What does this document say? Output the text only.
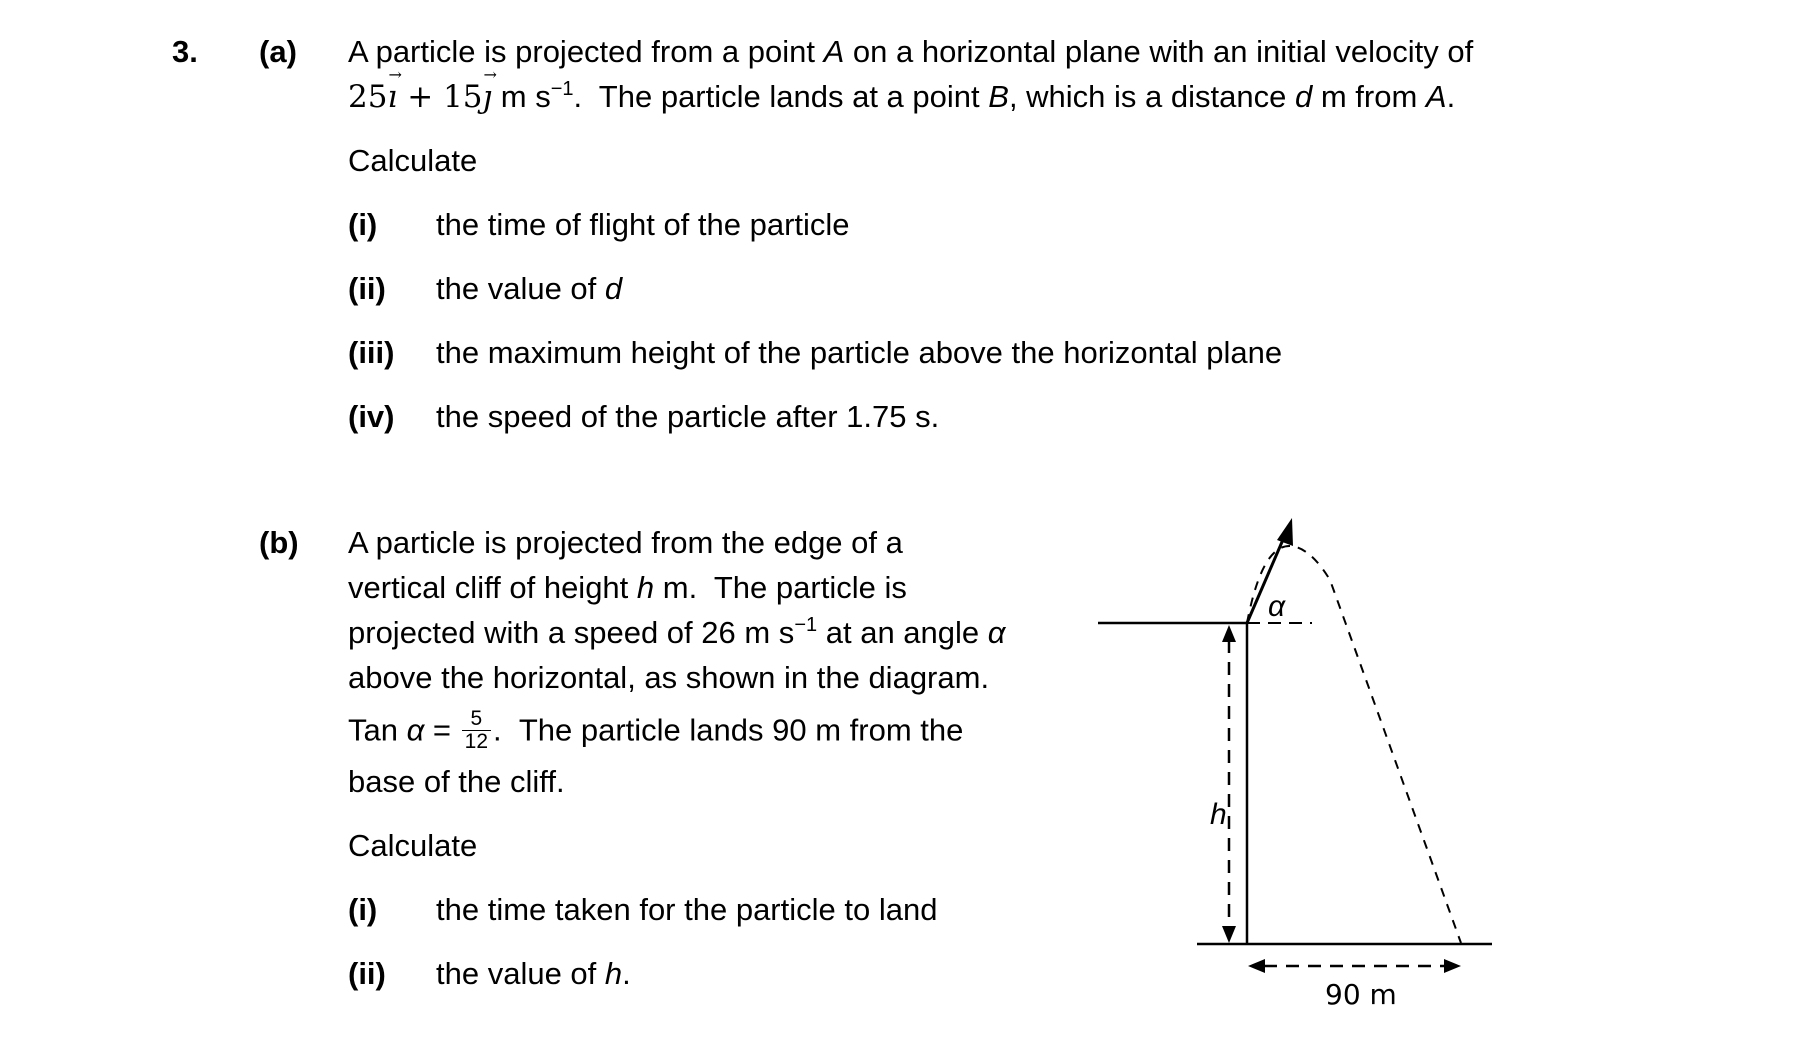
3. (a) A particle is projected from a point A on a horizontal plane with an initial velocity of
25→ ı + 15→ ȷ m $s^{-1}$.  The particle lands at a point B, which is a distance d m from A.
Calculate
(i) the time of flight of the particle
(ii) the value of d
(iii) the maximum height of the particle above the horizontal plane
(iv) the speed of the particle after 1.75 s.
(b) A particle is projected from the edge of a
vertical cliff of height h m.  The particle is
projected with a speed of 26 m $s^{-1}$ at an angle α
above the horizontal, as shown in the diagram.
Tan $\alpha = \frac{5}{12}$ .  The particle lands 90 m from the
base of the cliff.
Calculate
(i) the time taken for the particle to land
(ii) the value of h.
α
h
90 m
